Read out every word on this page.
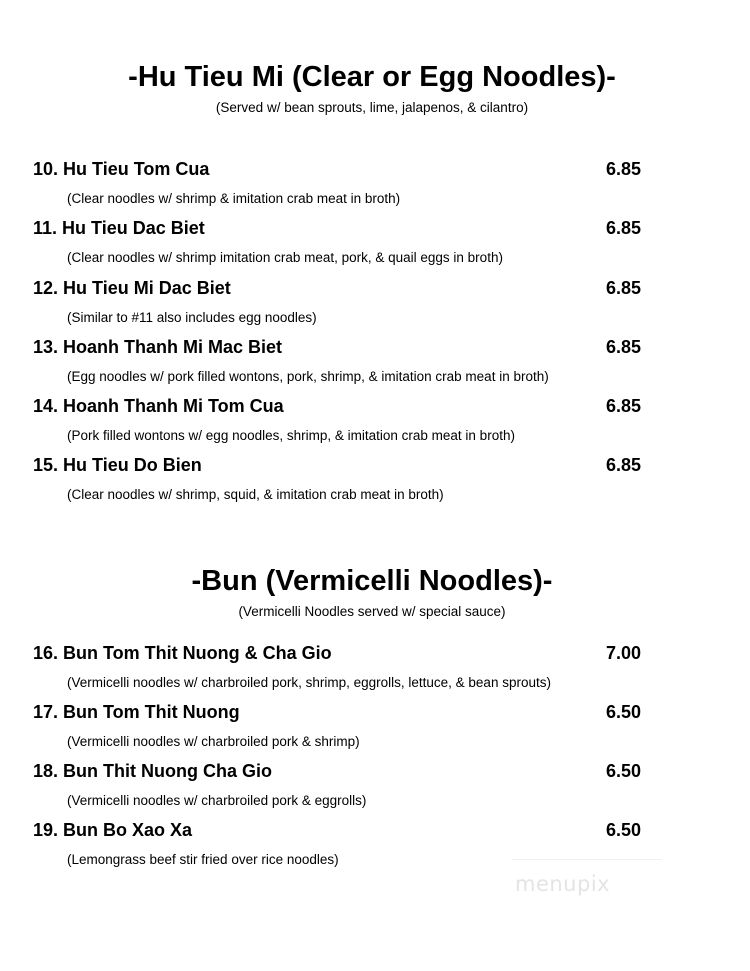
-Hu Tieu Mi (Clear or Egg Noodles)-
(Served w/ bean sprouts, lime, jalapenos, & cilantro)
10. Hu Tieu Tom Cua	6.85
(Clear noodles w/ shrimp & imitation crab meat in broth)
11. Hu Tieu Dac Biet	6.85
(Clear noodles w/ shrimp imitation crab meat, pork, & quail eggs in broth)
12. Hu Tieu Mi Dac Biet	6.85
(Similar to #11 also includes egg noodles)
13. Hoanh Thanh Mi Mac Biet	6.85
(Egg noodles w/ pork filled wontons, pork, shrimp, & imitation crab meat in broth)
14. Hoanh Thanh Mi Tom Cua	6.85
(Pork filled wontons w/ egg noodles, shrimp, & imitation crab meat in broth)
15. Hu Tieu Do Bien	6.85
(Clear noodles w/ shrimp, squid, & imitation crab meat in broth)
-Bun (Vermicelli Noodles)-
(Vermicelli Noodles served w/ special sauce)
16. Bun Tom Thit Nuong & Cha Gio	7.00
(Vermicelli noodles w/ charbroiled pork, shrimp, eggrolls, lettuce, & bean sprouts)
17. Bun Tom Thit Nuong	6.50
(Vermicelli noodles w/ charbroiled pork & shrimp)
18. Bun Thit Nuong Cha Gio	6.50
(Vermicelli noodles w/ charbroiled pork & eggrolls)
19. Bun Bo Xao Xa	6.50
(Lemongrass beef stir fried over rice noodles)
menupix
